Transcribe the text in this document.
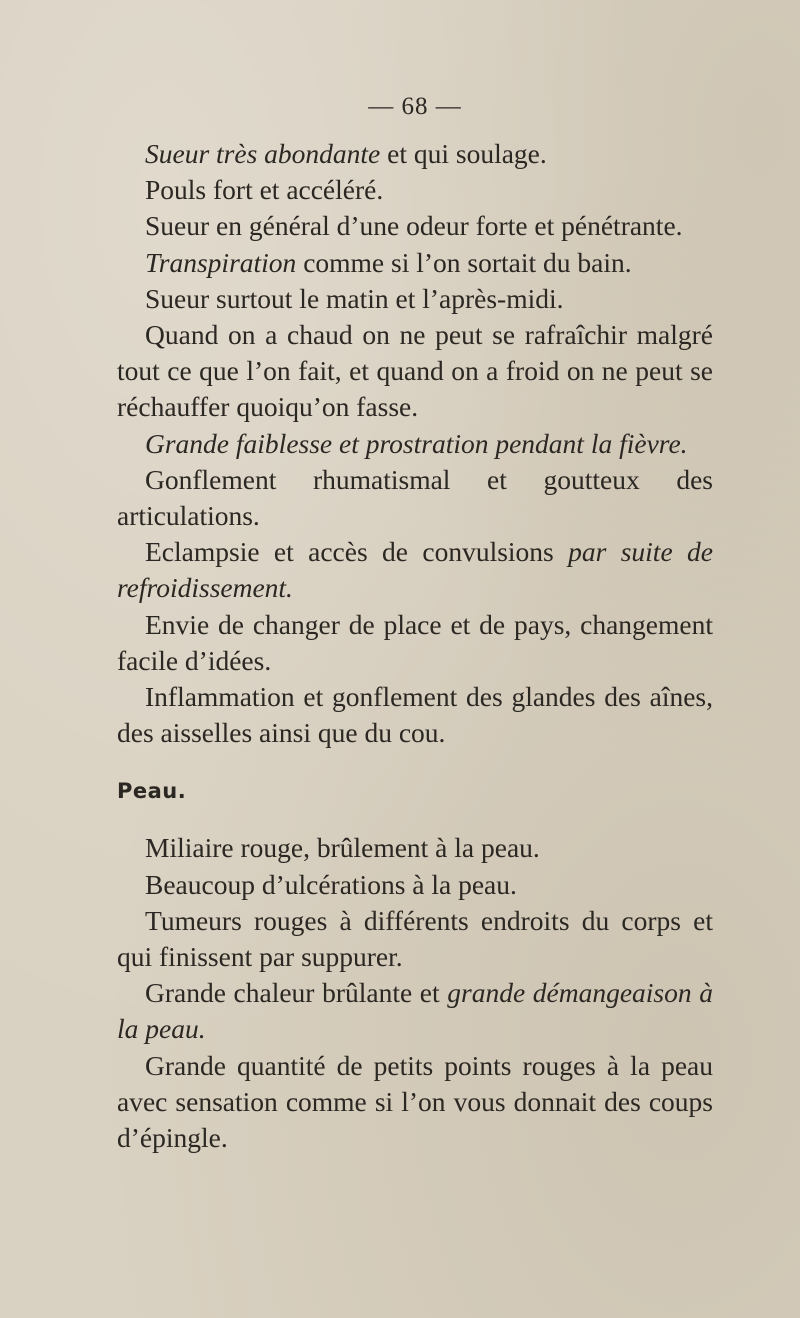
— 68 —

Sueur très abondante et qui soulage.

Pouls fort et accéléré.

Sueur en général d’une odeur forte et pénétrante.

Transpiration comme si l’on sortait du bain.

Sueur surtout le matin et l’après-midi.

Quand on a chaud on ne peut se rafraîchir malgré tout ce que l’on fait, et quand on a froid on ne peut se réchauffer quoiqu’on fasse.

Grande faiblesse et prostration pendant la fièvre.

Gonflement rhumatismal et goutteux des articulations.

Eclampsie et accès de convulsions par suite de refroidissement.

Envie de changer de place et de pays, changement facile d’idées.

Inflammation et gonflement des glandes des aînes, des aisselles ainsi que du cou.

Peau.

Miliaire rouge, brûlement à la peau.

Beaucoup d’ulcérations à la peau.

Tumeurs rouges à différents endroits du corps et qui finissent par suppurer.

Grande chaleur brûlante et grande démangeaison à la peau.

Grande quantité de petits points rouges à la peau avec sensation comme si l’on vous donnait des coups d’épingle.
